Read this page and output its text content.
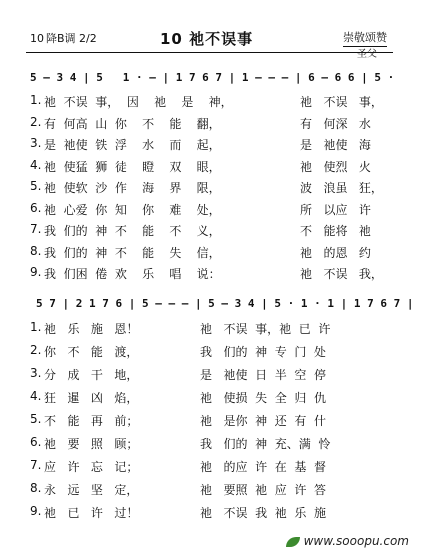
10 降B调 2/2	10 祂不误事	崇敬颂赞
圣父
5 — 3 4 | 5   1 · — | 1 7 6 7 | 1 — — — | 6 — 6 6 | 5 ·
1. 祂  不误  事，  因    祂    是    神，	祂   不误   事，
2. 有  何高  山  你    不    能    翻，	有   何深   水
3. 是  祂使  铁  浮    水    而    起，	是   祂使   海
4. 祂  使猛  狮  徒    瞪    双    眼，	祂   使烈   火
5. 祂  使软  沙  作    海    界    限，	波   浪虽   狂，
6. 祂  心爱  你  知    你    难    处，	所   以应   许
7. 我  们的  神  不    能    不    义，	不   能将   祂
8. 我  们的  神  不    能    失    信，	祂   的恩   约
9. 我  们困  倦  欢    乐    唱    说：	祂   不误   我，
5 7 | 2 1 7 6 | 5 — — — | 5 — 3 4 | 5 · 1 · 1 | 1 7 6 7 |
1. 祂   乐   施   恩！	祂   不误  事，祂  已  许
2. 你   不   能   渡，	我   们的  神  专  门  处
3. 分   成   干   地，	是   祂使  日  半  空  停
4. 狂   暹   凶   焰，	祂   使损  失  全  归  仇
5. 不   能   再   前；	祂   是你  神  还  有  什
6. 祂   要   照   顾；	我   们的  神  充、满  怜
7. 应   许   忘   记；	祂   的应  许  在  基  督
8. 永   远   坚   定，	祂   要照  祂  应  许  答
9. 祂   已   许   过！	祂   不误  我  祂  乐  施
www.sooopu.com
